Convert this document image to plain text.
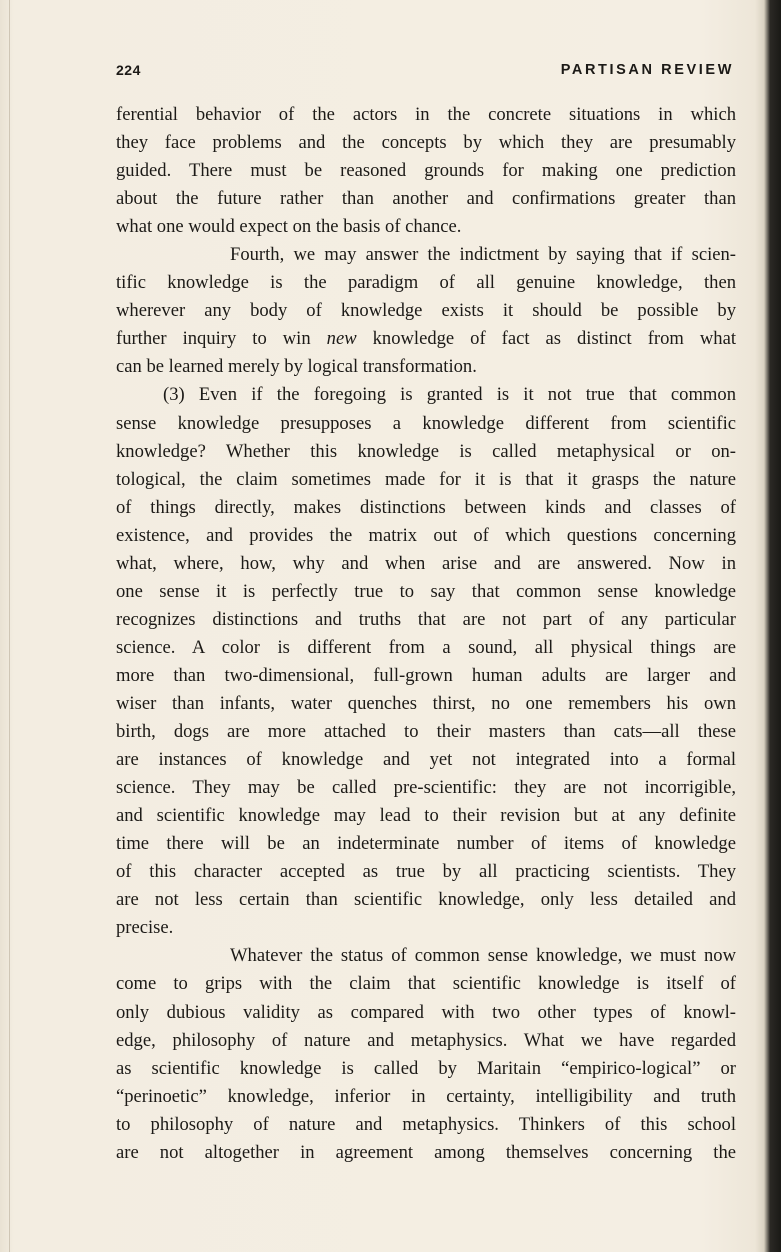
224	PARTISAN REVIEW
ferential behavior of the actors in the concrete situations in which
they face problems and the concepts by which they are presumably
guided. There must be reasoned grounds for making one prediction
about the future rather than another and confirmations greater than
what one would expect on the basis of chance.
Fourth, we may answer the indictment by saying that if scien-
tific knowledge is the paradigm of all genuine knowledge, then
wherever any body of knowledge exists it should be possible by
further inquiry to win new knowledge of fact as distinct from what
can be learned merely by logical transformation.
(3) Even if the foregoing is granted is it not true that common
sense knowledge presupposes a knowledge different from scientific
knowledge? Whether this knowledge is called metaphysical or on-
tological, the claim sometimes made for it is that it grasps the nature
of things directly, makes distinctions between kinds and classes of
existence, and provides the matrix out of which questions concerning
what, where, how, why and when arise and are answered. Now in
one sense it is perfectly true to say that common sense knowledge
recognizes distinctions and truths that are not part of any particular
science. A color is different from a sound, all physical things are
more than two-dimensional, full-grown human adults are larger and
wiser than infants, water quenches thirst, no one remembers his own
birth, dogs are more attached to their masters than cats—all these
are instances of knowledge and yet not integrated into a formal
science. They may be called pre-scientific: they are not incorrigible,
and scientific knowledge may lead to their revision but at any definite
time there will be an indeterminate number of items of knowledge
of this character accepted as true by all practicing scientists. They
are not less certain than scientific knowledge, only less detailed and
precise.
Whatever the status of common sense knowledge, we must now
come to grips with the claim that scientific knowledge is itself of
only dubious validity as compared with two other types of knowl-
edge, philosophy of nature and metaphysics. What we have regarded
as scientific knowledge is called by Maritain “empirico-logical” or
“perinoetic” knowledge, inferior in certainty, intelligibility and truth
to philosophy of nature and metaphysics. Thinkers of this school
are not altogether in agreement among themselves concerning the
